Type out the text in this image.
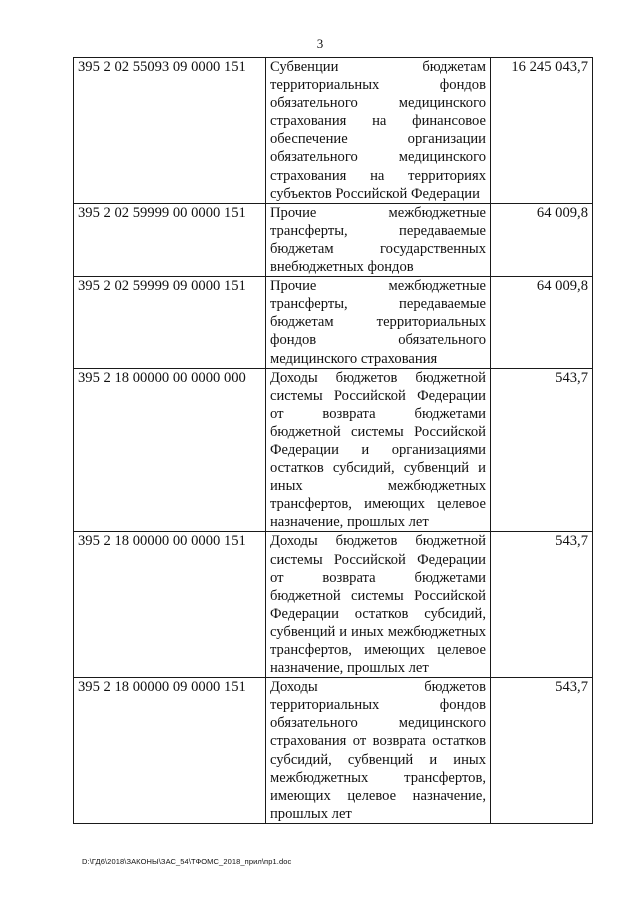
3
395 2 02 55093 09 0000 151	Субвенции бюджетам территориальных фондов обязательного медицинского страхования на финансовое обеспечение организации обязательного медицинского страхования на территориях субъектов Российской Федерации	16 245 043,7
395 2 02 59999 00 0000 151	Прочие межбюджетные трансферты, передаваемые бюджетам государственных внебюджетных фондов	64 009,8
395 2 02 59999 09 0000 151	Прочие межбюджетные трансферты, передаваемые бюджетам территориальных фондов обязательного медицинского страхования	64 009,8
395 2 18 00000 00 0000 000	Доходы бюджетов бюджетной системы Российской Федерации от возврата бюджетами бюджетной системы Российской Федерации и организациями остатков субсидий, субвенций и иных межбюджетных трансфертов, имеющих целевое назначение, прошлых лет	543,7
395 2 18 00000 00 0000 151	Доходы бюджетов бюджетной системы Российской Федерации от возврата бюджетами бюджетной системы Российской Федерации остатков субсидий, субвенций и иных межбюджетных трансфертов, имеющих целевое назначение, прошлых лет	543,7
395 2 18 00000 09 0000 151	Доходы бюджетов территориальных фондов обязательного медицинского страхования от возврата остатков субсидий, субвенций и иных межбюджетных трансфертов, имеющих целевое назначение, прошлых лет	543,7
D:\ГД6\2018\ЗАКОНЫ\ЗАС_54\ТФОМС_2018_прил\пр1.doc
